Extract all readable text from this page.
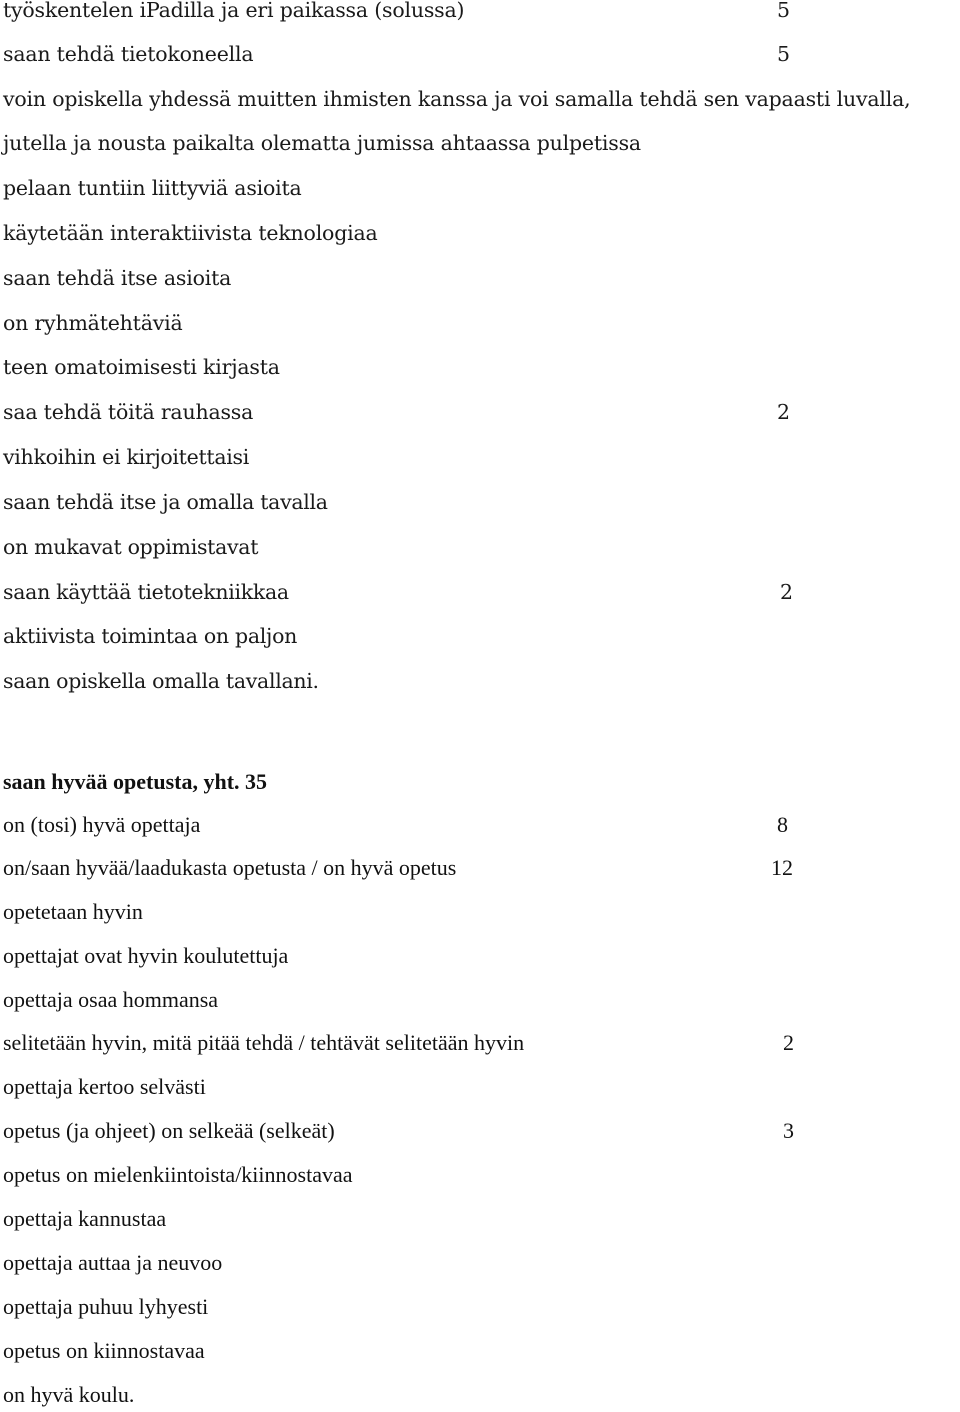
työskentelen iPadilla ja eri paikassa (solussa)	5
saan tehdä tietokoneella	5
voin opiskella yhdessä muitten ihmisten kanssa ja voi samalla tehdä sen vapaasti luvalla,
jutella ja nousta paikalta olematta jumissa ahtaassa pulpetissa
pelaan tuntiin liittyviä asioita
käytetään interaktiivista teknologiaa
saan tehdä itse asioita
on ryhmätehtäviä
teen omatoimisesti kirjasta
saa tehdä töitä rauhassa	2
vihkoihin ei kirjoitettaisi
saan tehdä itse ja omalla tavalla
on mukavat oppimistavat
saan käyttää tietotekniikkaa	2
aktiivista toimintaa on paljon
saan opiskella omalla tavallani.
saan hyvää opetusta, yht. 35
on (tosi) hyvä opettaja	8
on/saan hyvää/laadukasta opetusta / on hyvä opetus	12
opetetaan hyvin
opettajat ovat hyvin koulutettuja
opettaja osaa hommansa
selitetään hyvin, mitä pitää tehdä / tehtävät selitetään hyvin	2
opettaja kertoo selvästi
opetus (ja ohjeet) on selkeää (selkeät)	3
opetus on mielenkiintoista/kiinnostavaa
opettaja kannustaa
opettaja auttaa ja neuvoo
opettaja puhuu lyhyesti
opetus on kiinnostavaa
on hyvä koulu.
